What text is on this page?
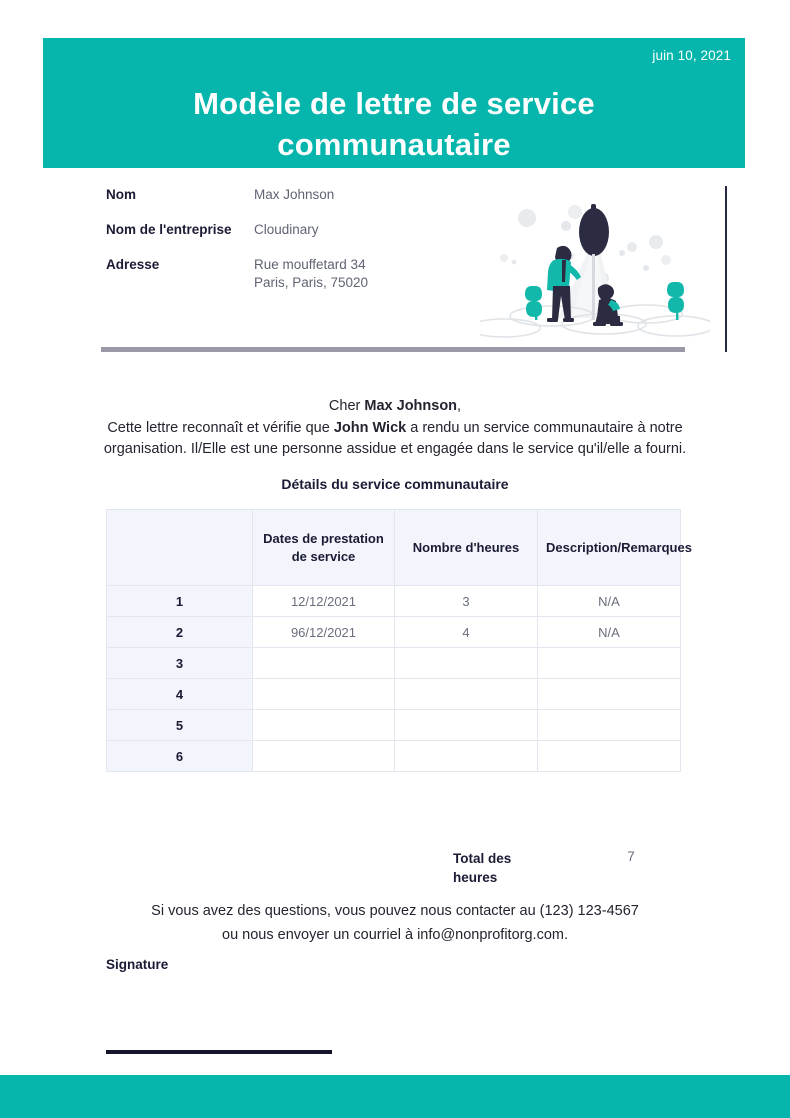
juin 10, 2021
Modèle de lettre de service communautaire
Nom	Max Johnson
Nom de l'entreprise	Cloudinary
Adresse	Rue mouffetard 34
Paris, Paris, 75020
Cher Max Johnson,
Cette lettre reconnaît et vérifie que John Wick a rendu un service communautaire à notre organisation. Il/Elle est une personne assidue et engagée dans le service qu'il/elle a fourni.
Détails du service communautaire
	Dates de prestation de service	Nombre d'heures	Description/Remarques
1	12/12/2021	3	N/A
2	96/12/2021	4	N/A
3			
4			
5			
6			
Total des heures
7
Si vous avez des questions, vous pouvez nous contacter au (123) 123-4567
ou nous envoyer un courriel à info@nonprofitorg.com.
Signature
